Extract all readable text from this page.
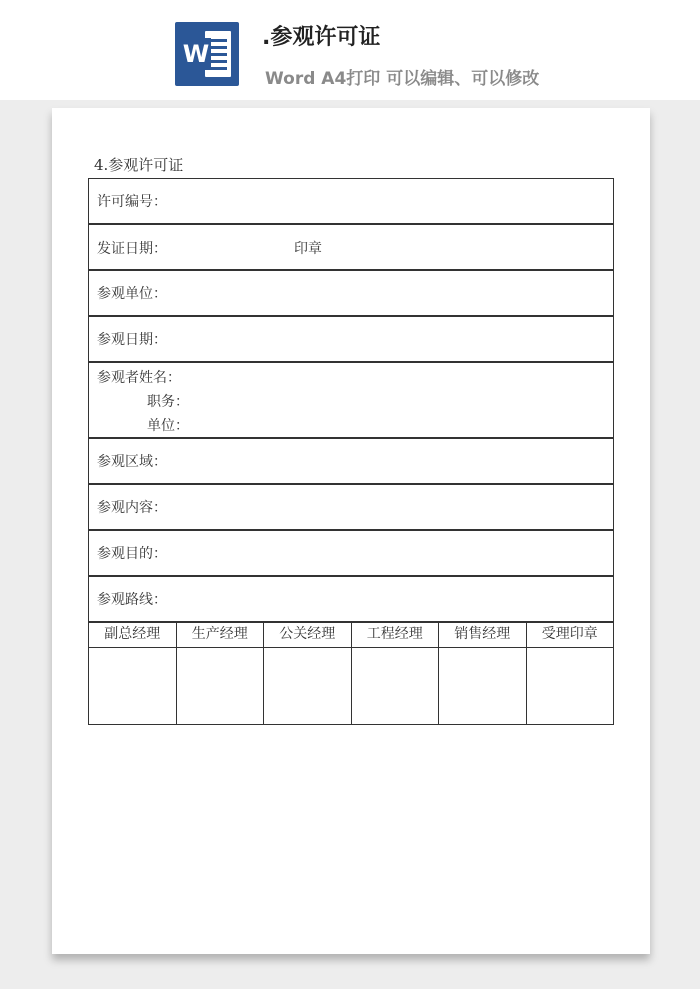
W
.参观许可证
Word A4打印 可以编辑、可以修改
4.参观许可证
许可编号：
发证日期：	印章
参观单位：
参观日期：
参观者姓名：
职务：
单位：
参观区域：
参观内容：
参观目的：
参观路线：
副总经理	生产经理	公关经理	工程经理	销售经理	受理印章
